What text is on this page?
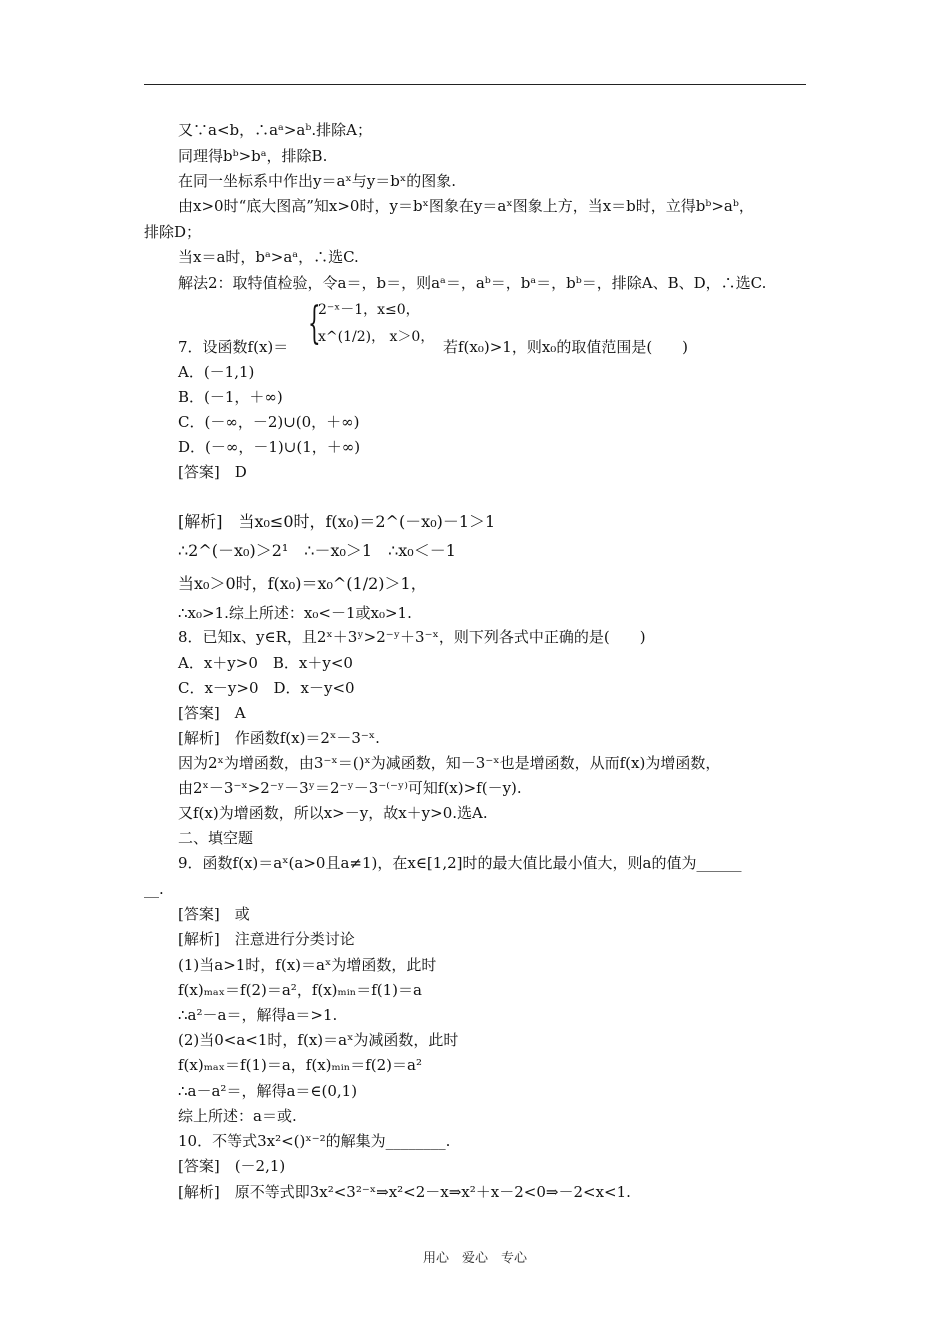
又∵a<b，∴aᵃ>aᵇ.排除A；
同理得bᵇ>bᵃ，排除B.
在同一坐标系中作出y＝aˣ与y＝bˣ的图象.
由x>0时“底大图高”知x>0时，y＝bˣ图象在y＝aˣ图象上方，当x＝b时，立得bᵇ>aᵇ，
排除D；
当x＝a时，bᵃ>aᵃ，∴选C.
解法2：取特值检验，令a＝，b＝，则aᵃ＝，aᵇ＝，bᵃ＝，bᵇ＝，排除A、B、D，∴选C.
{
2⁻ˣ－1，x≤0，
x^(1/2)， x＞0，
7．设函数f(x)＝	若f(x₀)>1，则x₀的取值范围是(　　)
A．(－1,1)
B．(－1，＋∞)
C．(－∞，－2)∪(0，＋∞)
D．(－∞，－1)∪(1，＋∞)
[答案]　D
[解析]　当x₀≤0时，f(x₀)＝2^(－x₀)－1＞1
∴2^(－x₀)＞2¹　∴－x₀＞1　∴x₀＜－1
当x₀＞0时，f(x₀)＝x₀^(1/2)＞1，
∴x₀>1.综上所述：x₀<－1或x₀>1.
8．已知x、y∈R，且2ˣ＋3ʸ>2⁻ʸ＋3⁻ˣ，则下列各式中正确的是(　　)
A．x＋y>0　B．x＋y<0
C．x－y>0　D．x－y<0
[答案]　A
[解析]　作函数f(x)＝2ˣ－3⁻ˣ.
因为2ˣ为增函数，由3⁻ˣ＝()ˣ为减函数，知－3⁻ˣ也是增函数，从而f(x)为增函数，
由2ˣ－3⁻ˣ>2⁻ʸ－3ʸ＝2⁻ʸ－3⁻⁽⁻ʸ⁾可知f(x)>f(－y).
又f(x)为增函数，所以x>－y，故x＋y>0.选A.
二、填空题
9．函数f(x)＝aˣ(a>0且a≠1)，在x∈[1,2]时的最大值比最小值大，则a的值为______
__.
[答案]　或
[解析]　注意进行分类讨论
(1)当a>1时，f(x)＝aˣ为增函数，此时
f(x)ₘₐₓ＝f(2)＝a²，f(x)ₘᵢₙ＝f(1)＝a
∴a²－a＝，解得a＝>1.
(2)当0<a<1时，f(x)＝aˣ为减函数，此时
f(x)ₘₐₓ＝f(1)＝a，f(x)ₘᵢₙ＝f(2)＝a²
∴a－a²＝，解得a＝∈(0,1)
综上所述：a＝或.
10．不等式3x²<()ˣ⁻²的解集为________.
[答案]　(－2,1)
[解析]　原不等式即3x²<3²⁻ˣ⇒x²<2－x⇒x²＋x－2<0⇒－2<x<1.
用心　爱心　专心
